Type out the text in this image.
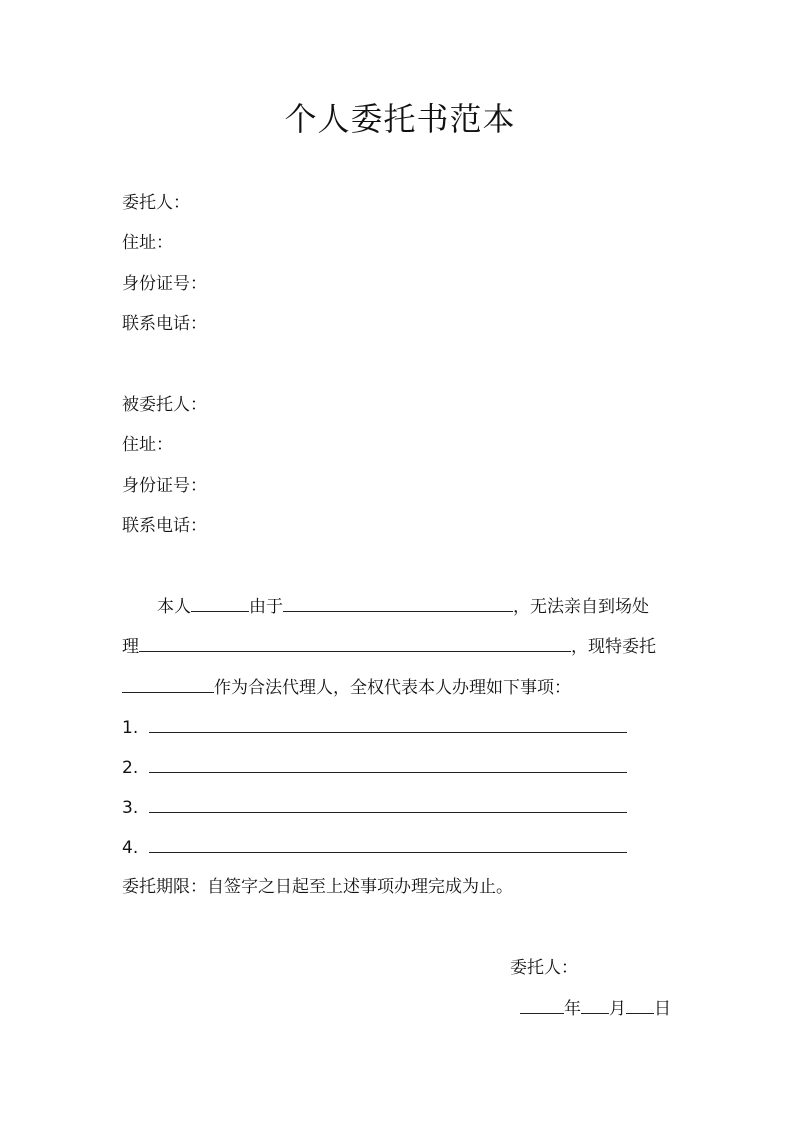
个人委托书范本
委托人：
住址：
身份证号：
联系电话：
被委托人：
住址：
身份证号：
联系电话：
本人	由于	，无法亲自到场处
理	，现特委托
作为合法代理人，全权代表本人办理如下事项：
1.
2.
3.
4.
委托期限：自签字之日起至上述事项办理完成为止。
委托人：
年 月 日
